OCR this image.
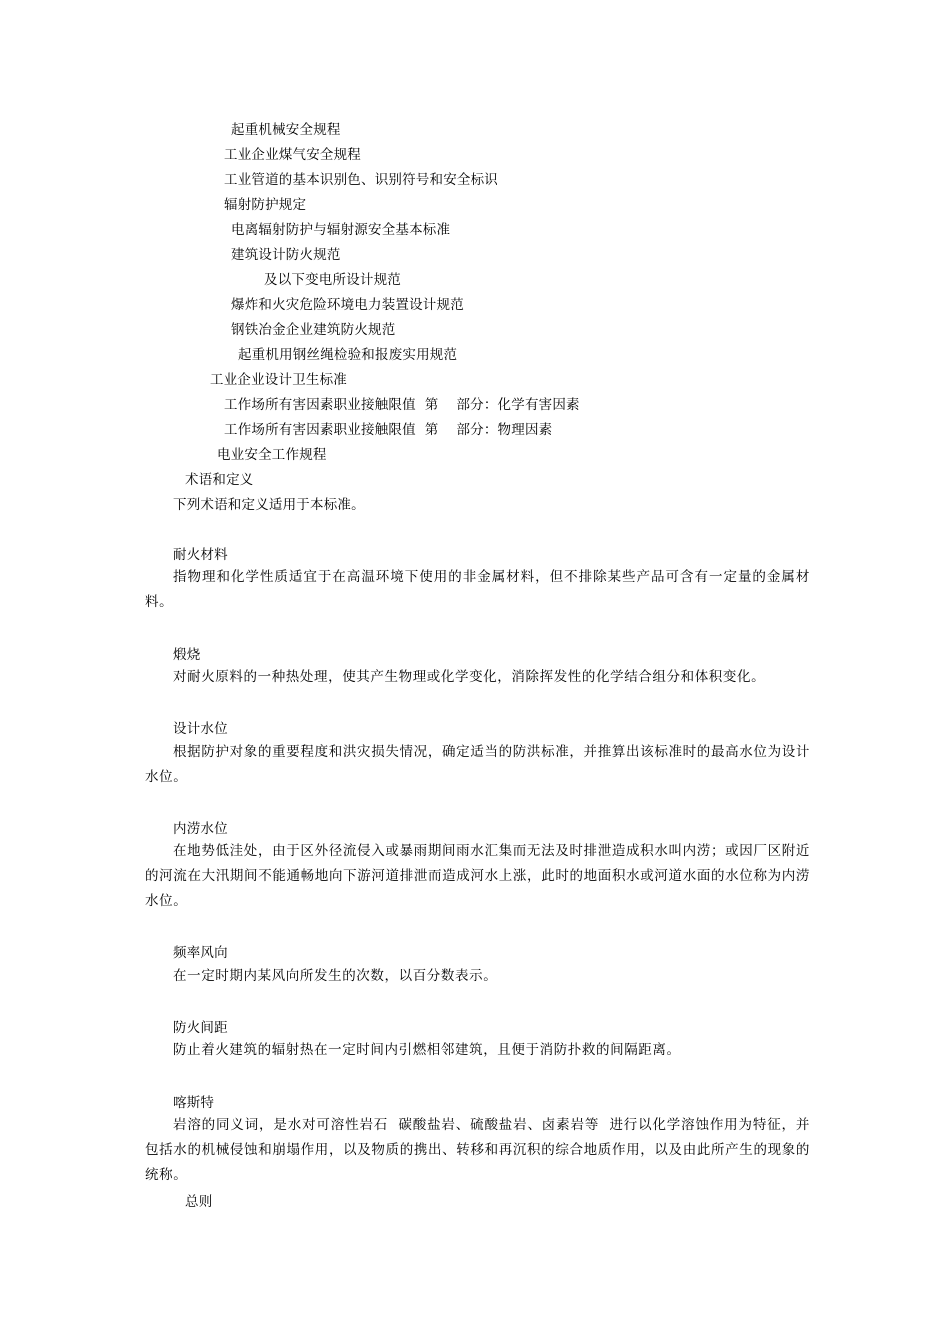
起重机械安全规程
工业企业煤气安全规程
工业管道的基本识别色、识别符号和安全标识
辐射防护规定
电离辐射防护与辐射源安全基本标准
建筑设计防火规范
及以下变电所设计规范
爆炸和火灾危险环境电力装置设计规范
钢铁冶金企业建筑防火规范
起重机用钢丝绳检验和报废实用规范
工业企业设计卫生标准
工作场所有害因素职业接触限值  第    部分：化学有害因素
工作场所有害因素职业接触限值  第    部分：物理因素
电业安全工作规程
术语和定义
下列术语和定义适用于本标准。
耐火材料
指物理和化学性质适宜于在高温环境下使用的非金属材料，但不排除某些产品可含有一定量的金属材料。
煅烧
对耐火原料的一种热处理，使其产生物理或化学变化，消除挥发性的化学结合组分和体积变化。
设计水位
根据防护对象的重要程度和洪灾损失情况，确定适当的防洪标准，并推算出该标准时的最高水位为设计水位。
内涝水位
在地势低洼处，由于区外径流侵入或暴雨期间雨水汇集而无法及时排泄造成积水叫内涝；或因厂区附近的河流在大汛期间不能通畅地向下游河道排泄而造成河水上涨，此时的地面积水或河道水面的水位称为内涝水位。
频率风向
在一定时期内某风向所发生的次数，以百分数表示。
防火间距
防止着火建筑的辐射热在一定时间内引燃相邻建筑，且便于消防扑救的间隔距离。
喀斯特
岩溶的同义词，是水对可溶性岩石  碳酸盐岩、硫酸盐岩、卤素岩等  进行以化学溶蚀作用为特征，并包括水的机械侵蚀和崩塌作用，以及物质的携出、转移和再沉积的综合地质作用，以及由此所产生的现象的统称。
总则
